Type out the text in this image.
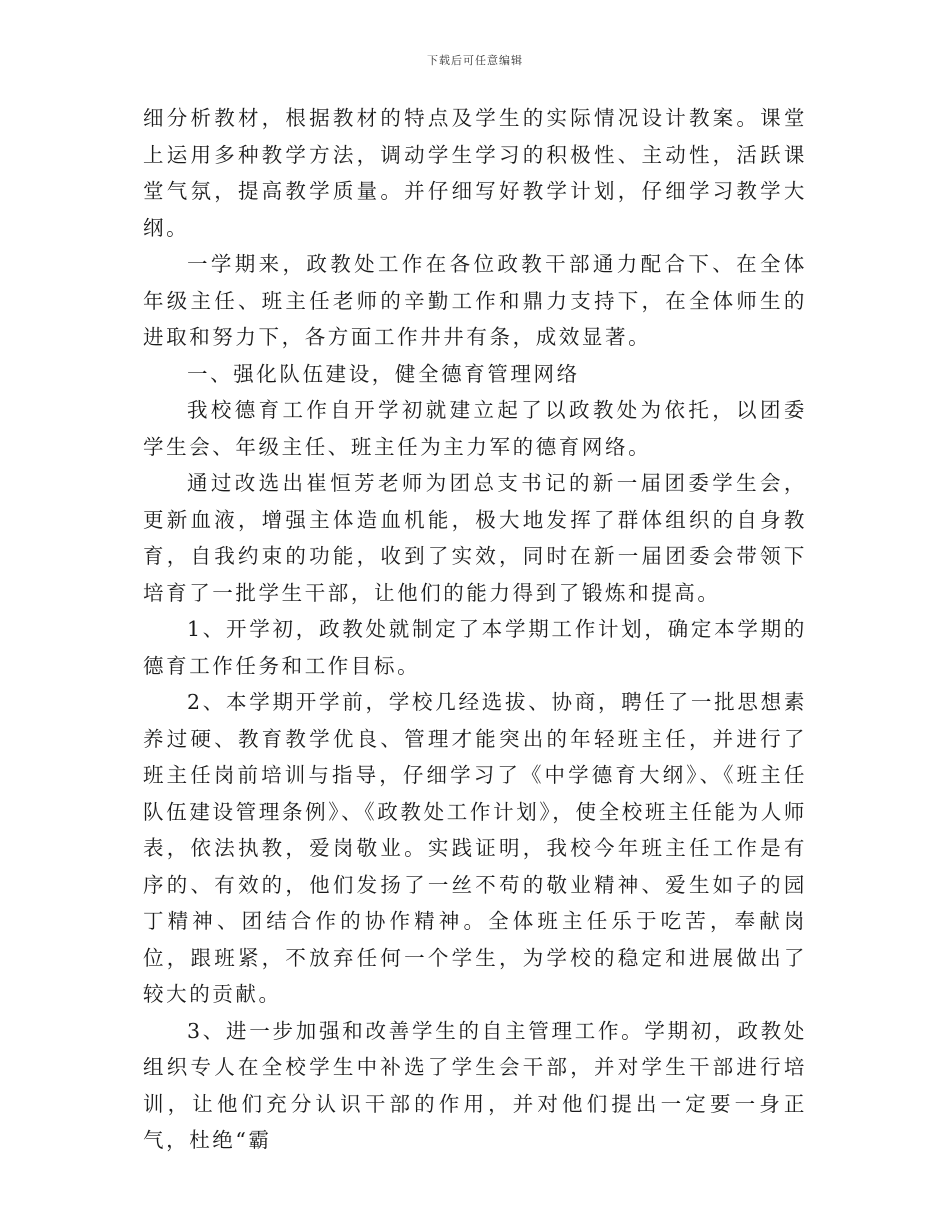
下载后可任意编辑

细分析教材，根据教材的特点及学生的实际情况设计教案。课堂上运用多种教学方法，调动学生学习的积极性、主动性，活跃课堂气氛，提高教学质量。并仔细写好教学计划，仔细学习教学大纲。

一学期来，政教处工作在各位政教干部通力配合下、在全体年级主任、班主任老师的辛勤工作和鼎力支持下，在全体师生的进取和努力下，各方面工作井井有条，成效显著。

一、强化队伍建设，健全德育管理网络

我校德育工作自开学初就建立起了以政教处为依托，以团委学生会、年级主任、班主任为主力军的德育网络。

通过改选出崔恒芳老师为团总支书记的新一届团委学生会，更新血液，增强主体造血机能，极大地发挥了群体组织的自身教育，自我约束的功能，收到了实效，同时在新一届团委会带领下培育了一批学生干部，让他们的能力得到了锻炼和提高。

1、开学初，政教处就制定了本学期工作计划，确定本学期的德育工作任务和工作目标。

2、本学期开学前，学校几经选拔、协商，聘任了一批思想素养过硬、教育教学优良、管理才能突出的年轻班主任，并进行了班主任岗前培训与指导，仔细学习了《中学德育大纲》、《班主任队伍建设管理条例》、《政教处工作计划》，使全校班主任能为人师表，依法执教，爱岗敬业。实践证明，我校今年班主任工作是有序的、有效的，他们发扬了一丝不苟的敬业精神、爱生如子的园丁精神、团结合作的协作精神。全体班主任乐于吃苦，奉献岗位，跟班紧，不放弃任何一个学生，为学校的稳定和进展做出了较大的贡献。

3、进一步加强和改善学生的自主管理工作。学期初，政教处组织专人在全校学生中补选了学生会干部，并对学生干部进行培训，让他们充分认识干部的作用，并对他们提出一定要一身正气，杜绝“霸
